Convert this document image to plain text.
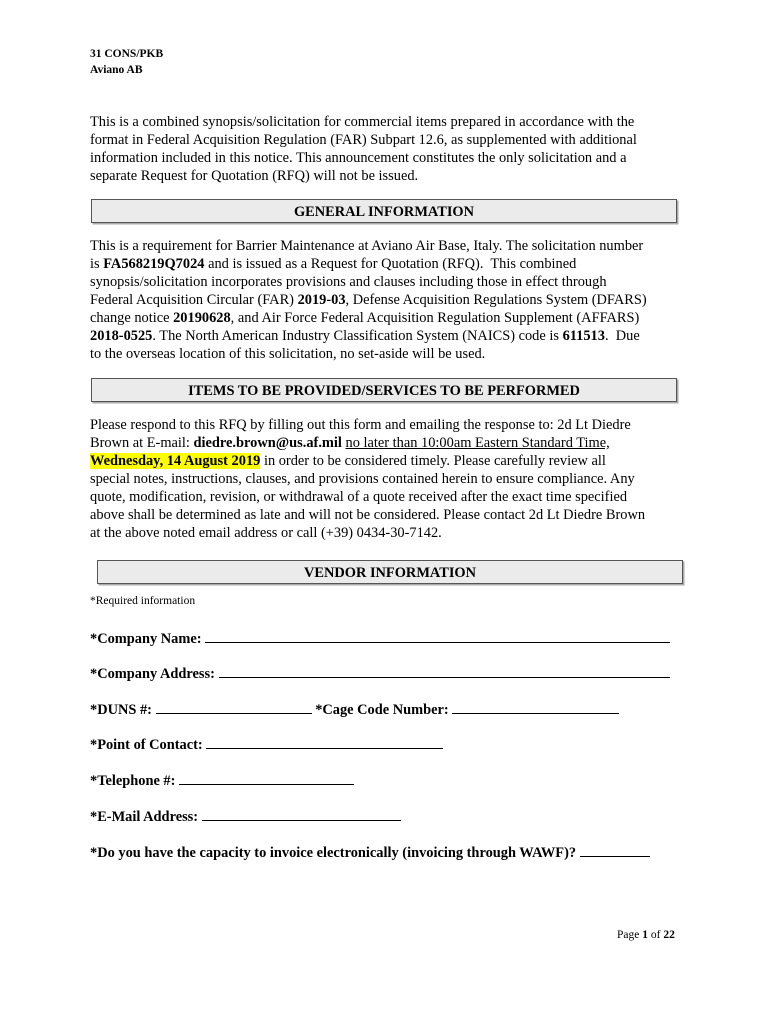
31 CONS/PKB
Aviano AB
This is a combined synopsis/solicitation for commercial items prepared in accordance with the
format in Federal Acquisition Regulation (FAR) Subpart 12.6, as supplemented with additional
information included in this notice. This announcement constitutes the only solicitation and a
separate Request for Quotation (RFQ) will not be issued.
GENERAL INFORMATION
This is a requirement for Barrier Maintenance at Aviano Air Base, Italy. The solicitation number
is FA568219Q7024 and is issued as a Request for Quotation (RFQ).  This combined
synopsis/solicitation incorporates provisions and clauses including those in effect through
Federal Acquisition Circular (FAR) 2019-03, Defense Acquisition Regulations System (DFARS)
change notice 20190628, and Air Force Federal Acquisition Regulation Supplement (AFFARS)
2018-0525. The North American Industry Classification System (NAICS) code is 611513.  Due
to the overseas location of this solicitation, no set-aside will be used.
ITEMS TO BE PROVIDED/SERVICES TO BE PERFORMED
Please respond to this RFQ by filling out this form and emailing the response to: 2d Lt Diedre
Brown at E-mail: diedre.brown@us.af.mil no later than 10:00am Eastern Standard Time,
Wednesday, 14 August 2019 in order to be considered timely. Please carefully review all
special notes, instructions, clauses, and provisions contained herein to ensure compliance. Any
quote, modification, revision, or withdrawal of a quote received after the exact time specified
above shall be determined as late and will not be considered. Please contact 2d Lt Diedre Brown
at the above noted email address or call (+39) 0434-30-7142.
VENDOR INFORMATION
*Required information
*Company Name:
*Company Address:
*DUNS #:	*Cage Code Number:
*Point of Contact:
*Telephone #:
*E-Mail Address:
*Do you have the capacity to invoice electronically (invoicing through WAWF)?
Page 1 of 22
